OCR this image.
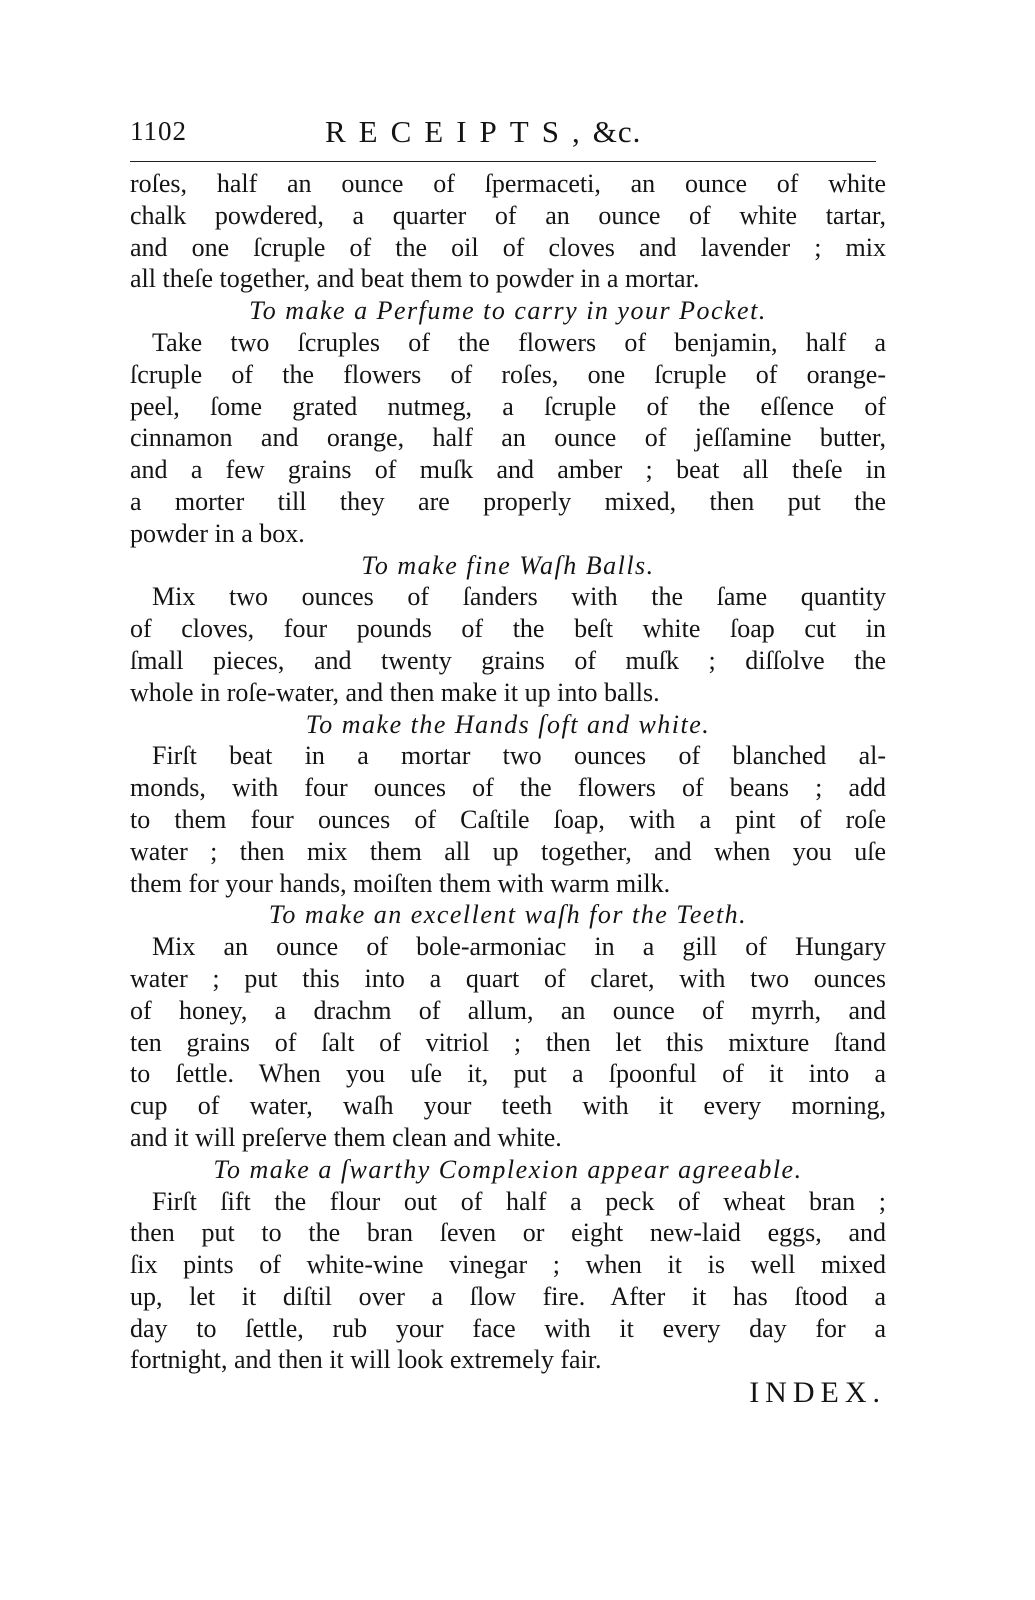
1102	RECEIPTS,&c.
roſes, half an ounce of ſpermaceti, an ounce of white
chalk powdered, a quarter of an ounce of white tartar,
and one ſcruple of the oil of cloves and lavender ; mix
all theſe together, and beat them to powder in a mortar.
To make a Perfume to carry in your Pocket.
Take two ſcruples of the flowers of benjamin, half a
ſcruple of the flowers of roſes, one ſcruple of orange-
peel, ſome grated nutmeg, a ſcruple of the eſſence of
cinnamon and orange, half an ounce of jeſſamine butter,
and a few grains of muſk and amber ; beat all theſe in
a morter till they are properly mixed, then put the
powder in a box.
To make fine Waſh Balls.
Mix two ounces of ſanders with the ſame quantity
of cloves, four pounds of the beſt white ſoap cut in
ſmall pieces, and twenty grains of muſk ; diſſolve the
whole in roſe-water, and then make it up into balls.
To make the Hands ſoft and white.
Firſt beat in a mortar two ounces of blanched al-
monds, with four ounces of the flowers of beans ; add
to them four ounces of Caſtile ſoap, with a pint of roſe
water ; then mix them all up together, and when you uſe
them for your hands, moiſten them with warm milk.
To make an excellent waſh for the Teeth.
Mix an ounce of bole-armoniac in a gill of Hungary
water ; put this into a quart of claret, with two ounces
of honey, a drachm of allum, an ounce of myrrh, and
ten grains of ſalt of vitriol ; then let this mixture ſtand
to ſettle. When you uſe it, put a ſpoonful of it into a
cup of water, waſh your teeth with it every morning,
and it will preſerve them clean and white.
To make a ſwarthy Complexion appear agreeable.
Firſt ſift the flour out of half a peck of wheat bran ;
then put to the bran ſeven or eight new-laid eggs, and
ſix pints of white-wine vinegar ; when it is well mixed
up, let it diſtil over a ſlow fire. After it has ſtood a
day to ſettle, rub your face with it every day for a
fortnight, and then it will look extremely fair.
INDEX.
